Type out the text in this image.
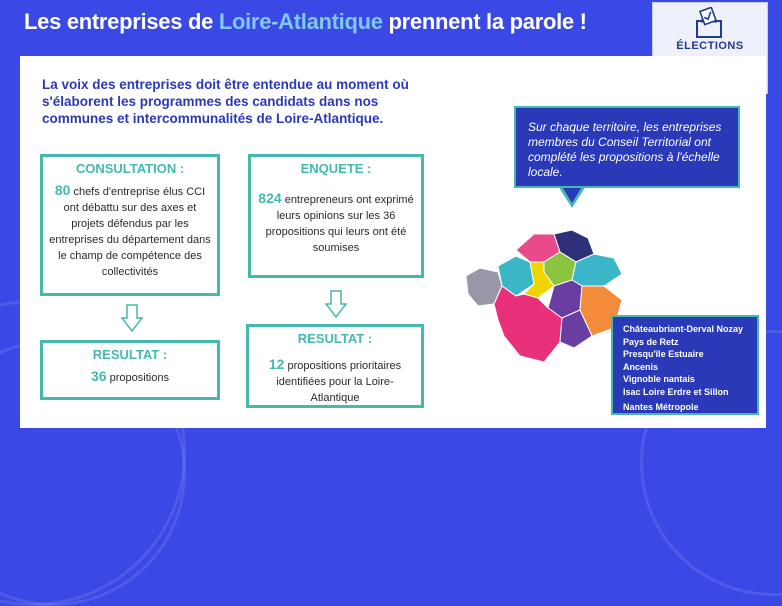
Les entreprises de Loire-Atlantique prennent la parole !
ÉLECTIONS
La voix des entreprises doit être entendue au moment où s'élaborent les programmes des candidats dans nos communes et intercommunalités de Loire-Atlantique.
CONSULTATION :
80 chefs d'entreprise élus CCI ont débattu sur des axes et projets défendus par les entreprises du département dans le champ de compétence des collectivités
RESULTAT :
36 propositions
ENQUETE :
824 entrepreneurs ont exprimé leurs opinions sur les 36 propositions qui leurs ont été soumises
RESULTAT :
12 propositions prioritaires identifiées pour la Loire-Atlantique
Sur chaque territoire, les entreprises membres du Conseil Territorial ont complété les propositions à l'échelle locale.
Châteaubriant-Derval Nozay
Pays de Retz
Presqu'île Estuaire
Ancenis
Vignoble nantais
Isac Loire Erdre et Sillon
Nantes Métropole
